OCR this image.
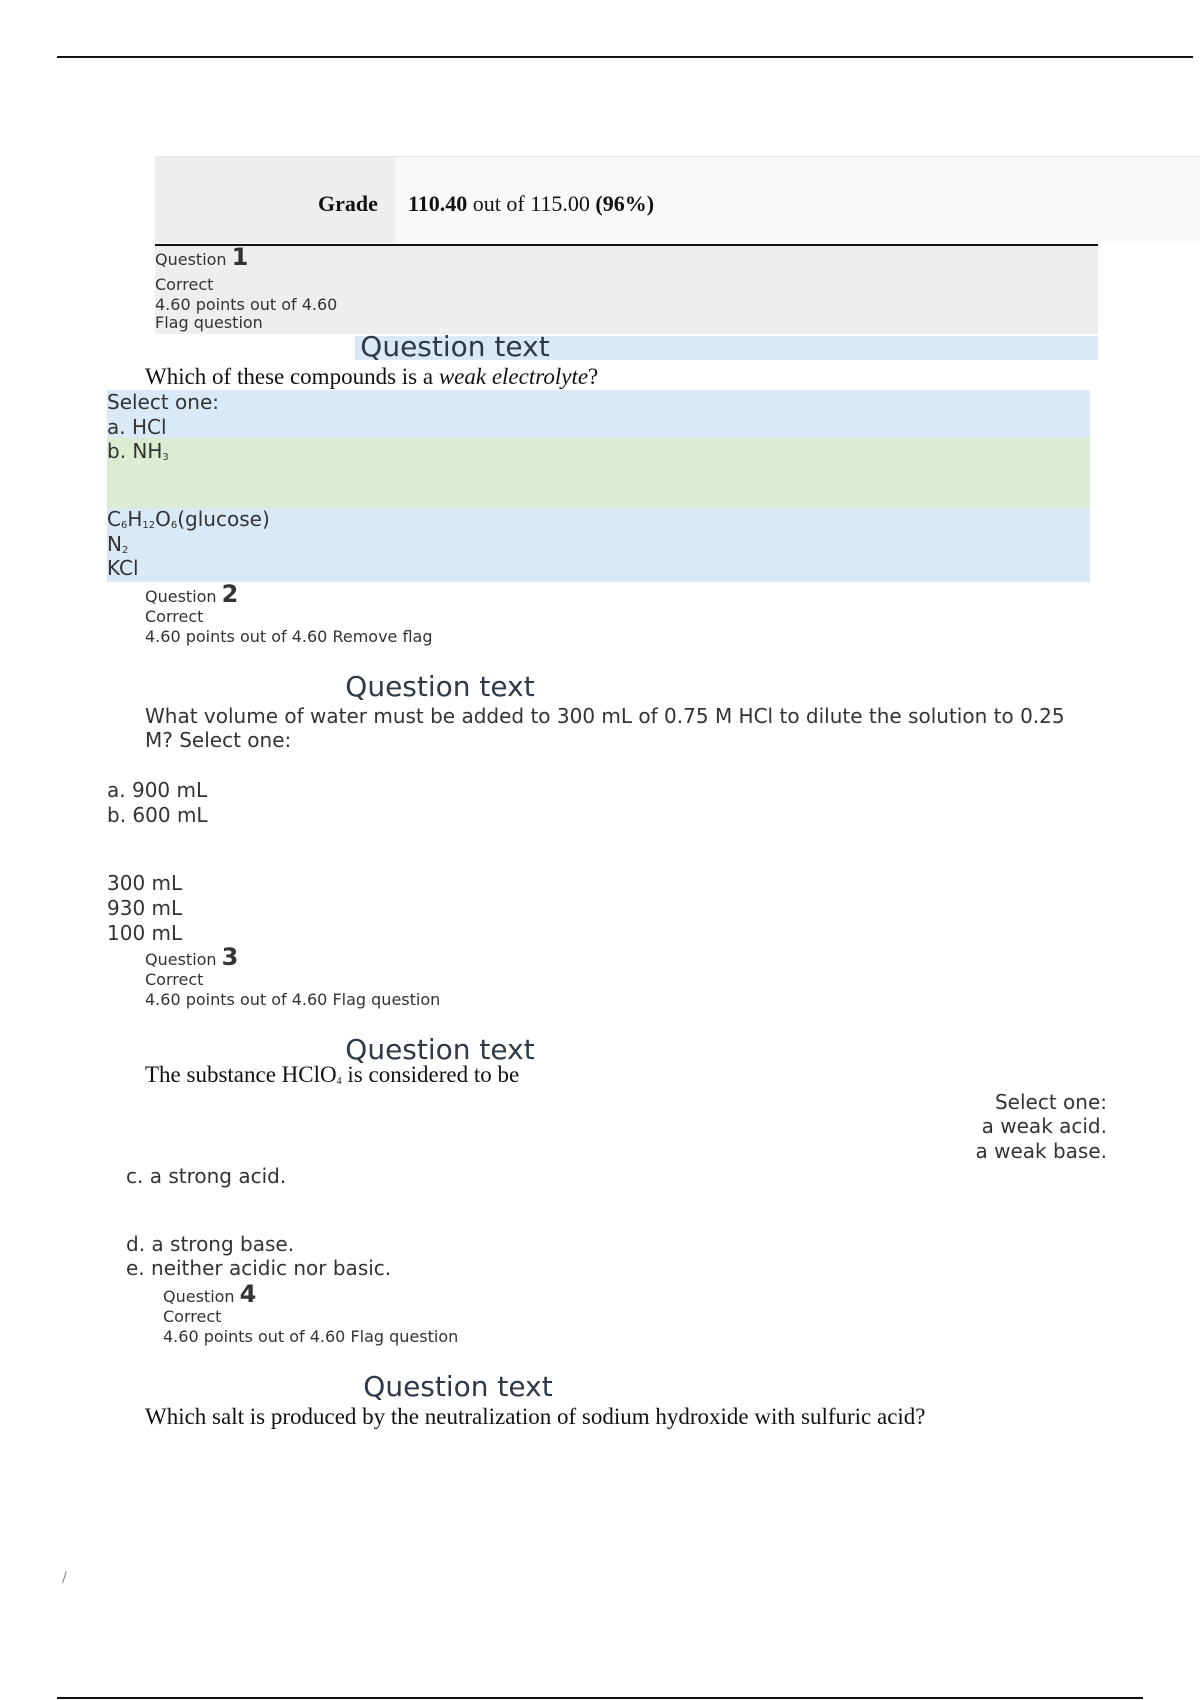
Grade 110.40 out of 115.00 (96%)
Question 1
Correct
4.60 points out of 4.60
Flag question
Question text
Which of these compounds is a weak electrolyte?
Select one:
a. HCl
b. $NH_3$
$C_6H_{12}O_6(glucose)$
$N_2$
KCl
Question 2
Correct
4.60 points out of 4.60 Remove flag
Question text
What volume of water must be added to 300 mL of 0.75 M HCl to dilute the solution to 0.25 M? Select one:
a. 900 mL
b. 600 mL
300 mL
930 mL
100 mL
Question 3
Correct
4.60 points out of 4.60 Flag question
Question text
The substance HClO$_4$ is considered to be
Select one:
a weak acid.
a weak base.
c. a strong acid.
d. a strong base.
e. neither acidic nor basic.
Question 4
Correct
4.60 points out of 4.60 Flag question
Question text
Which salt is produced by the neutralization of sodium hydroxide with sulfuric acid?
/
